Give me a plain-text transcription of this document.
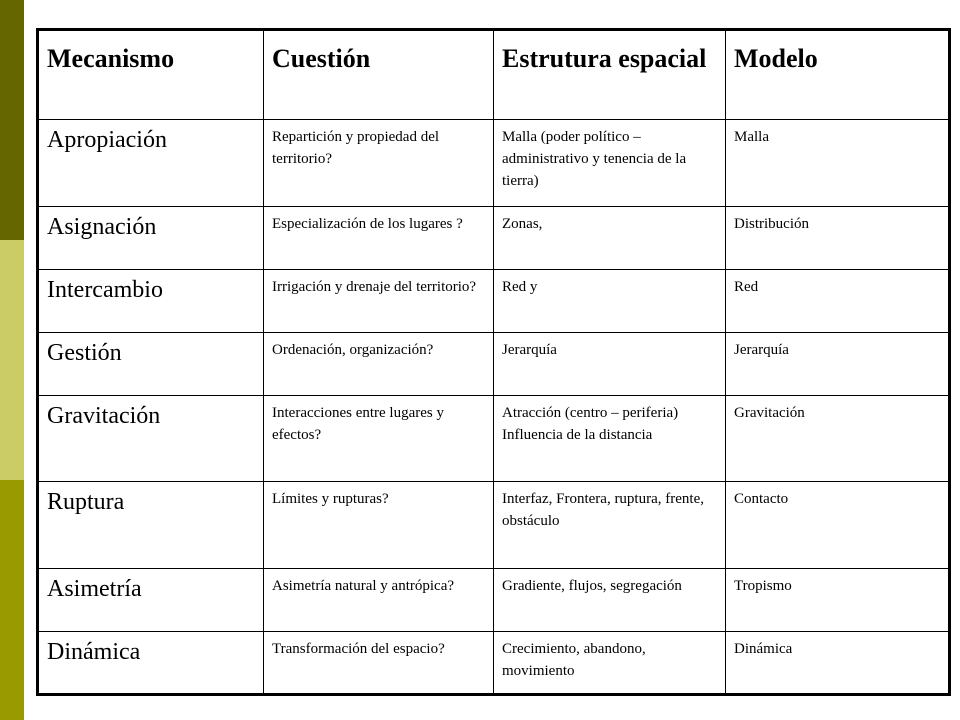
Mecanismo	Cuestión	Estrutura espacial	Modelo
Apropiación	Repartición y propiedad del territorio?	Malla (poder político – administrativo y tenencia de la tierra)	Malla
Asignación	Especialización de los lugares ?	Zonas,	Distribución
Intercambio	Irrigación y drenaje del territorio?	Red y	Red
Gestión	Ordenación, organización?	Jerarquía	Jerarquía
Gravitación	Interacciones entre lugares y efectos?	Atracción (centro – periferia) Influencia de la distancia	Gravitación
Ruptura	Límites y rupturas?	Interfaz, Frontera, ruptura, frente, obstáculo	Contacto
Asimetría	Asimetría natural y antrópica?	Gradiente, flujos, segregación	Tropismo
Dinámica	Transformación del espacio?	Crecimiento, abandono, movimiento	Dinámica
